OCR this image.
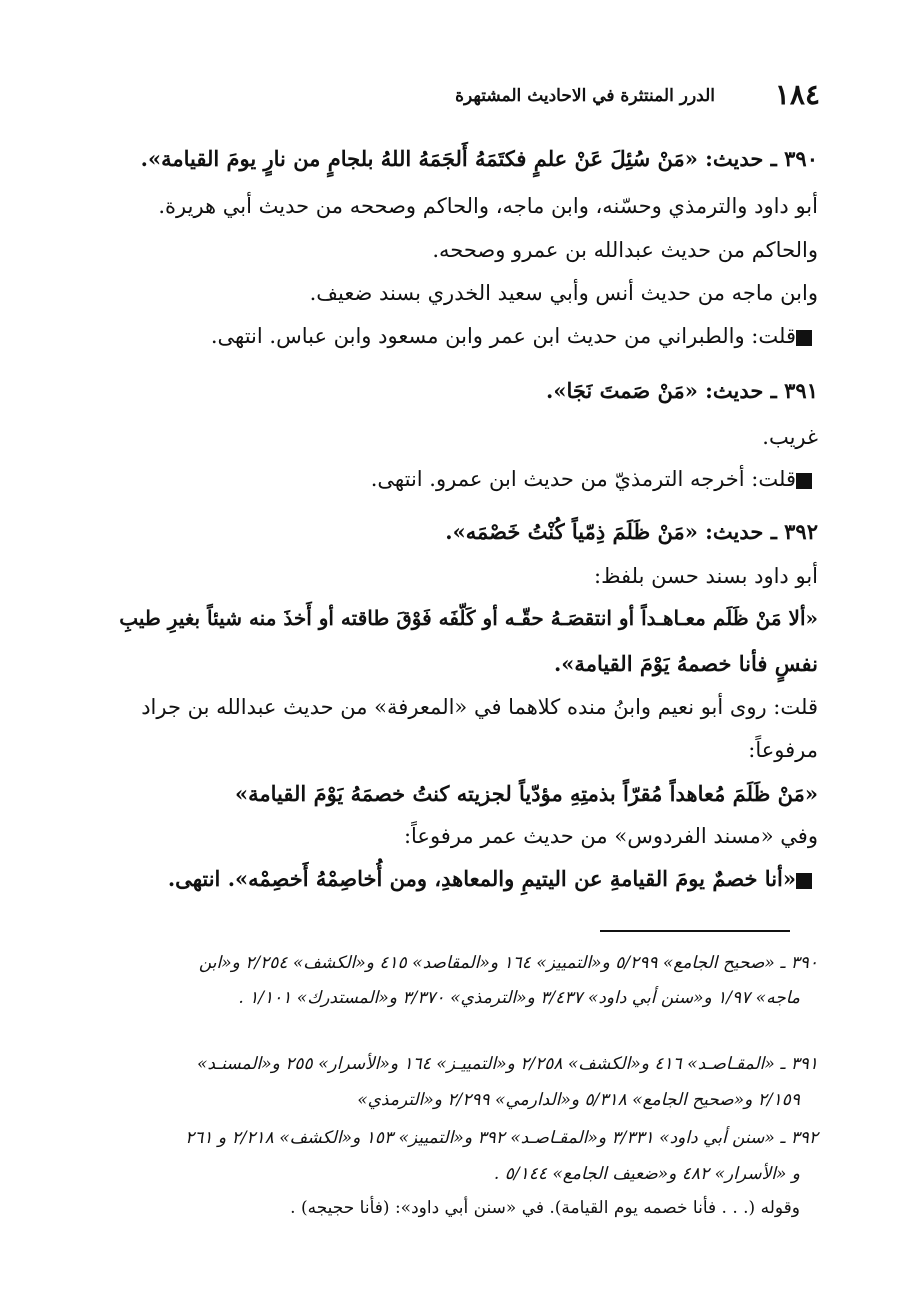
١٨٤
الدرر المنتثرة في الاحاديث المشتهرة
٣٩٠ ـ حديث: «مَنْ سُئِلَ عَنْ علمٍ فكتَمَهُ أَلجَمَهُ اللهُ بلجامٍ من نارٍ يومَ القيامة».
أبو داود والترمذي وحسّنه، وابن ماجه، والحاكم وصححه من حديث أبي هريرة.
والحاكم من حديث عبدالله بن عمرو وصححه.
وابن ماجه من حديث أنس وأبي سعيد الخدري بسند ضعيف.
قلت: والطبراني من حديث ابن عمر وابن مسعود وابن عباس. انتهى.
٣٩١ ـ حديث: «مَنْ صَمتَ نَجَا».
غريب.
قلت: أخرجه الترمذيّ من حديث ابن عمرو. انتهى.
٣٩٢ ـ حديث: «مَنْ ظَلَمَ ذِمّياً كُنْتُ خَصْمَه».
أبو داود بسند حسن بلفظ:
«ألا مَنْ ظَلَم معـاهـداً أو انتقصَـهُ حقّـه أو كَلّفَه فَوْقَ طاقته أو أَخذَ منه شيئاً بغيرِ طيبِ
نفسٍ فأنا خصمهُ يَوْمَ القيامة».
قلت: روى أبو نعيم وابنُ منده كلاهما في «المعرفة» من حديث عبدالله بن جراد
مرفوعاً:
«مَنْ ظَلَمَ مُعاهداً مُقرّاً بذمتِهِ مؤدّياً لجزيته كنتُ خصمَهُ يَوْمَ القيامة»
وفي «مسند الفردوس» من حديث عمر مرفوعاً:
«أنا خصمٌ يومَ القيامةِ عن اليتيمِ والمعاهدِ، ومن أُخاصِمْهُ أَخصِمْه». انتهى.
٣٩٠ ـ «صحيح الجامع» ٥/٢٩٩ و«التمييز» ١٦٤ و«المقاصد» ٤١٥ و«الكشف» ٢/٢٥٤ و«ابن
ماجه» ١/٩٧ و«سنن أبي داود» ٣/٤٣٧ و«الترمذي» ٣/٣٧٠ و«المستدرك» ١/١٠١ .
٣٩١ ـ «المقـاصـد» ٤١٦ و«الكشف» ٢/٢٥٨ و«التمييـز» ١٦٤ و«الأسرار» ٢٥٥ و«المسنـد»
٢/١٥٩ و«صحيح الجامع» ٥/٣١٨ و«الدارمي» ٢/٢٩٩ و«الترمذي»
٣٩٢ ـ «سنن أبي داود» ٣/٣٣١ و«المقـاصـد» ٣٩٢ و«التمييز» ١٥٣ و«الكشف» ٢/٢١٨ و ٢٦١
و «الأسرار» ٤٨٢ و«ضعيف الجامع» ٥/١٤٤ .
وقوله (. . . فأنا خصمه يوم القيامة). في «سنن أبي داود»: (فأنا حجيجه) .
